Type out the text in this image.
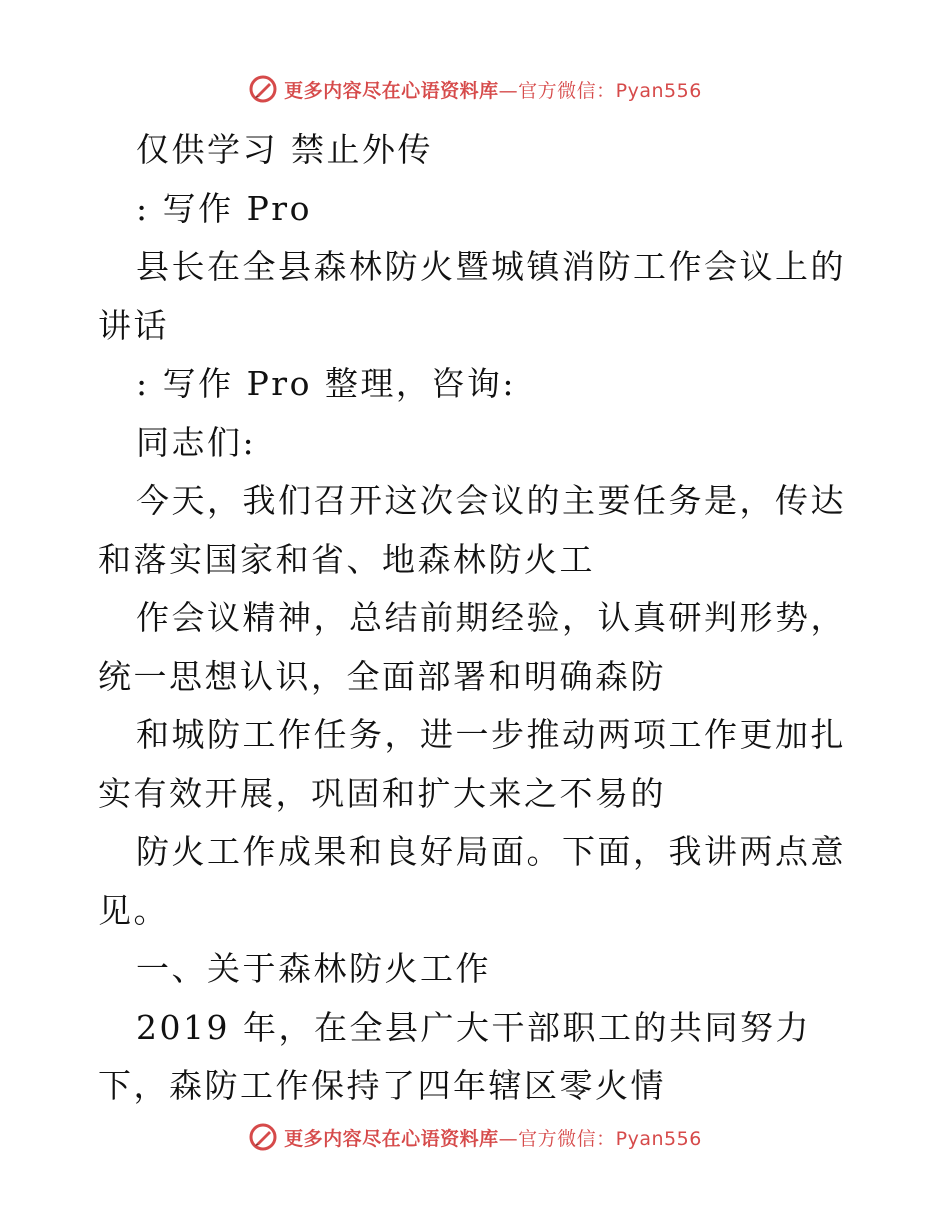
更多内容尽在心语资料库 —官方微信：Pyan556

仅供学习 禁止外传

: 写作 Pro

县长在全县森林防火暨城镇消防工作会议上的讲话

: 写作 Pro 整理，咨询:

同志们:

今天，我们召开这次会议的主要任务是，传达和落实国家和省、地森林防火工

作会议精神，总结前期经验，认真研判形势，统一思想认识，全面部署和明确森防

和城防工作任务，进一步推动两项工作更加扎实有效开展，巩固和扩大来之不易的

防火工作成果和良好局面。下面，我讲两点意见。

一、关于森林防火工作

2019 年，在全县广大干部职工的共同努力下，森防工作保持了四年辖区零火情

更多内容尽在心语资料库 —官方微信：Pyan556
